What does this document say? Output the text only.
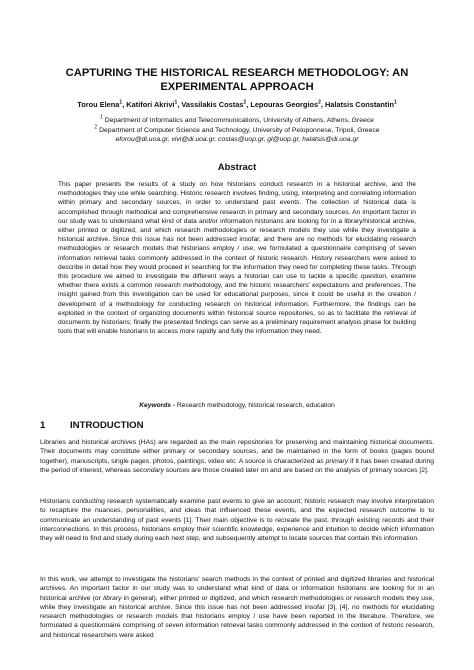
CAPTURING THE HISTORICAL RESEARCH METHODOLOGY: AN
EXPERIMENTAL APPROACH
Torou Elena$^1$, Katifori Akrivi$^1$, Vassilakis Costas$^2$, Lepouras Georgios$^2$, Halatsis Constantin$^1$
$^1$ Department of Informatics and Telecommunications, University of Athens, Athens, Greece
$^2$ Department of Computer Science and Technology, University of Peloponnese, Tripoli, Greece
eforou@di.uoa.gr, vivi@di.uoa.gr, costas@uop.gr, gl@uop.gr, halatsis@di.uoa.gr
Abstract
This paper presents the results of a study on how historians conduct research in a historical archive, and the methodologies they use while searching. Historic research involves finding, using, interpreting and correlating information within primary and secondary sources, in order to understand past events. The collection of historical data is accomplished through methodical and comprehensive research in primary and secondary sources. An important factor in our study was to understand what kind of data and/or information historians are looking for in a library/historical archive, either printed or digitized, and which research methodologies or research models they use while they investigate a historical archive. Since this issue has not been addressed insofar, and there are no methods for elucidating research methodologies or research models that historians employ / use, we formulated a questionnaire comprising of seven information retrieval tasks commonly addressed in the context of historic research. History researchers were asked to describe in detail how they would proceed in searching for the information they need for completing these tasks. Through this procedure we aimed to investigate the different ways a historian can use to tackle a specific question, examine whether there exists a common research methodology, and the historic researchers' expectations and preferences. The insight gained from this investigation can be used for educational purposes, since it could be useful in the creation / development of a methodology for conducting research on historical information. Furthermore, the findings can be exploited in the context of organizing documents within historical source repositories, so as to facilitate the retrieval of documents by historians; finally the presented findings can serve as a preliminary requirement analysis phase for building tools that will enable historians to access more rapidly and fully the information they need.
Keywords - Research methodology, historical research, education
1	INTRODUCTION
Libraries and historical archives (HAs) are regarded as the main repositories for preserving and maintaining historical documents. Their documents may constitute either primary or secondary sources, and be maintained in the form of books (pages bound together), manuscripts, single pages, photos, paintings, video etc. A source is characterized as primary if it has been created during the period of interest, whereas secondary sources are those created later on and are based on the analysis of primary sources [2].
Historians conducting research systematically examine past events to give an account; historic research may involve interpretation to recapture the nuances, personalities, and ideas that influenced these events, and the expected research outcome is to communicate an understanding of past events [1]. Their main objective is to recreate the past, through existing records and their interconnections. In this process, historians employ their scientific knowledge, experience and intuition to decide which information they will need to find and study during each next step, and subsequently attempt to locate sources that contain this information.
In this work, we attempt to investigate the historians' search methods in the context of printed and digitized libraries and historical archives. An important factor in our study was to understand what kind of data or information historians are looking for in an historical archive (or library in general), either printed or digitized, and which research methodologies or research models they use, while they investigate an historical archive. Since this issue has not been addressed insofar [3], [4], no methods for elucidating research methodologies or research models that historians employ / use have been reported in the literature. Therefore, we formulated a questionnaire comprising of seven information retrieval tasks commonly addressed in the context of historic research, and historical researchers were asked
